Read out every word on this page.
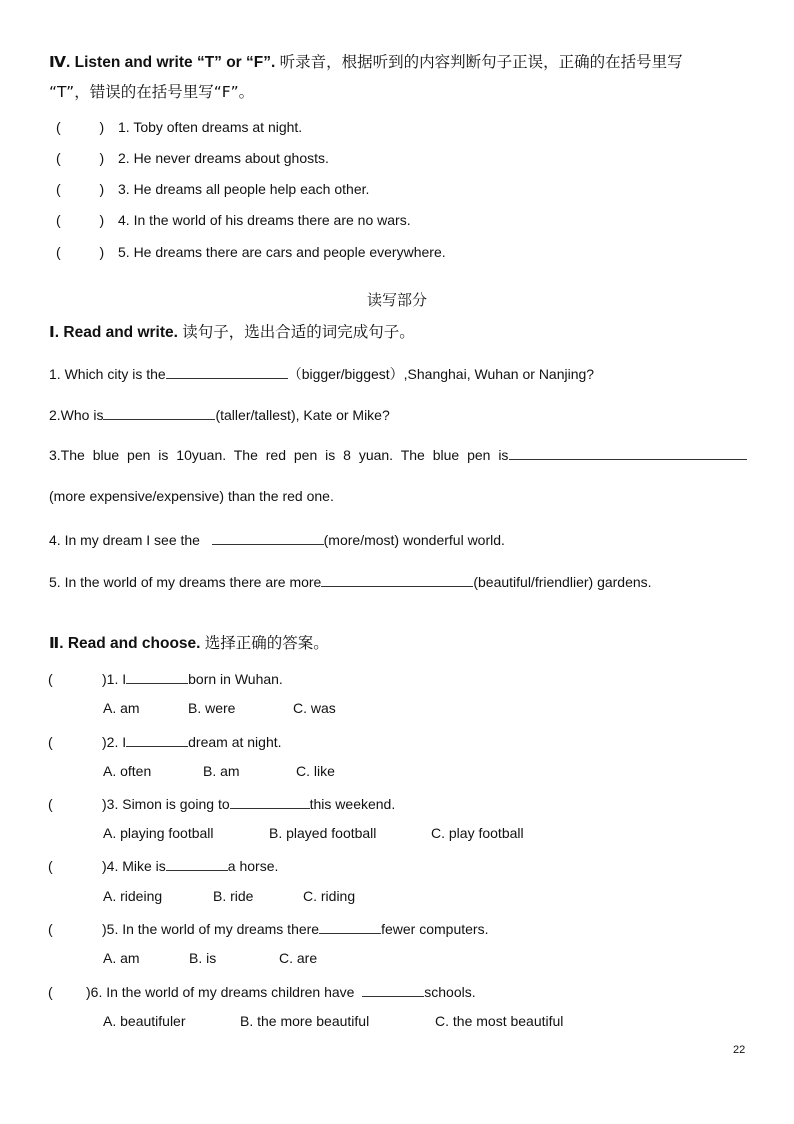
Ⅳ. Listen and write “T” or “F”. 听录音，根据听到的内容判断句子正误，正确的在括号里写
“T”，错误的在括号里写“F”。
(          ) 1. Toby often dreams at night.
(          ) 2. He never dreams about ghosts.
(          ) 3. He dreams all people help each other.
(          ) 4. In the world of his dreams there are no wars.
(          ) 5. He dreams there are cars and people everywhere.
读写部分
Ⅰ. Read and write. 读句子，选出合适的词完成句子。
1. Which city is the	（bigger/biggest）,Shanghai, Wuhan or Nanjing?
2.Who is	(taller/tallest), Kate or Mike?
3.The blue pen is 10yuan. The red pen is 8 yuan. The blue pen is
(more expensive/expensive) than the red one.
4. In my dream I see the	(more/most) wonderful world.
5. In the world of my dreams there are more	(beautiful/friendlier) gardens.
Ⅱ. Read and choose. 选择正确的答案。
(	)1. I	born in Wuhan.
A. am	B. were	C. was
(	)2. I	dream at night.
A. often	B. am	C. like
(	)3. Simon is going to	this weekend.
A. playing football	B. played football	C. play football
(	)4. Mike is	a horse.
A. rideing	B. ride	C. riding
(	)5. In the world of my dreams there	fewer computers.
A. am	B. is	C. are
( )6. In the world of my dreams children have	schools.
A. beautifuler	B. the more beautiful	C. the most beautiful
22
